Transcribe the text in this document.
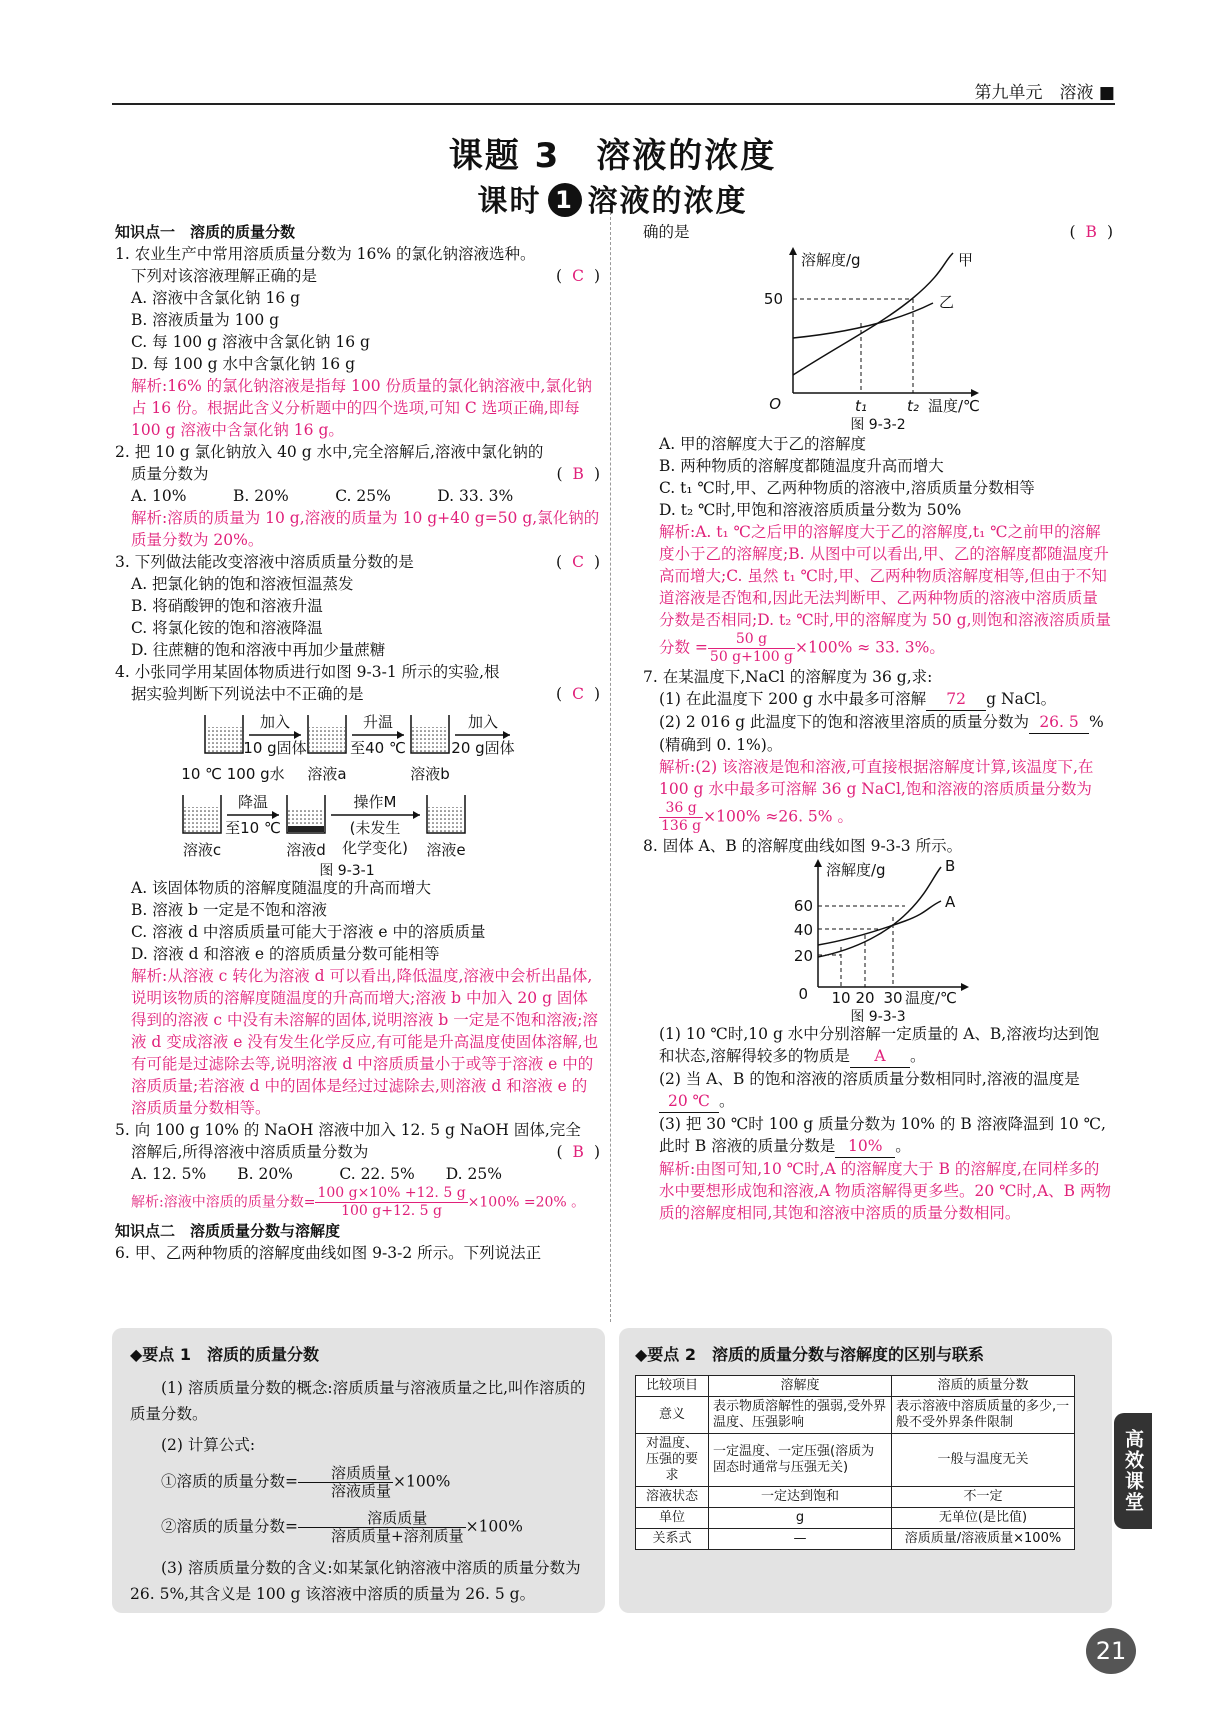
第九单元　溶液 ■
课题 3　溶液的浓度
课时 1 溶液的浓度

知识点一　溶质的质量分数

1. 农业生产中常用溶质质量分数为 16% 的氯化钠溶液选种。

下列对该溶液理解正确的是	( C )

A. 溶液中含氯化钠 16 g

B. 溶液质量为 100 g

C. 每 100 g 溶液中含氯化钠 16 g

D. 每 100 g 水中含氯化钠 16 g

解析:16% 的氯化钠溶液是指每 100 份质量的氯化钠溶液中,氯化钠占 16 份。根据此含义分析题中的四个选项,可知 C 选项正确,即每 100 g 溶液中含氯化钠 16 g。

2. 把 10 g 氯化钠放入 40 g 水中,完全溶解后,溶液中氯化钠的

质量分数为	( B )

A. 10%　　　B. 20%　　　C. 25%　　　D. 33. 3%

解析:溶质的质量为 10 g,溶液的质量为 10 g+40 g=50 g,氯化钠的质量分数为 20%。

3. 下列做法能改变溶液中溶质质量分数的是	( C )

A. 把氯化钠的饱和溶液恒温蒸发

B. 将硝酸钾的饱和溶液升温

C. 将氯化铵的饱和溶液降温

D. 往蔗糖的饱和溶液中再加少量蔗糖

4. 小张同学用某固体物质进行如图 9-3-1 所示的实验,根

据实验判断下列说法中不正确的是	( C )

加入
10 g固体
升温
至40 ℃
加入
20 g固体
10 ℃ 100 g水 溶液a	溶液b
降温
至10 ℃
操作M
(未发生
化学变化)
溶液c	溶液d	溶液e
图 9-3-1

A. 该固体物质的溶解度随温度的升高而增大

B. 溶液 b 一定是不饱和溶液

C. 溶液 d 中溶质质量可能大于溶液 e 中的溶质质量

D. 溶液 d 和溶液 e 的溶质质量分数可能相等

解析:从溶液 c 转化为溶液 d 可以看出,降低温度,溶液中会析出晶体,说明该物质的溶解度随温度的升高而增大;溶液 b 中加入 20 g 固体得到的溶液 c 中没有未溶解的固体,说明溶液 b 一定是不饱和溶液;溶液 d 变成溶液 e 没有发生化学反应,有可能是升高温度使固体溶解,也有可能是过滤除去等,说明溶液 d 中溶质质量小于或等于溶液 e 中的溶质质量;若溶液 d 中的固体是经过过滤除去,则溶液 d 和溶液 e 的溶质质量分数相等。

5. 向 100 g 10% 的 NaOH 溶液中加入 12. 5 g NaOH 固体,完全

溶解后,所得溶液中溶质质量分数为	( B )

A. 12. 5%　　B. 20%　　　C. 22. 5%　　D. 25%

解析:溶液中溶质的质量分数= $\frac{100 g\times 10\% +12. 5 g}{100 g+12. 5 g} \times 100\% =20\%$ 。

知识点二　溶质质量分数与溶解度

6. 甲、乙两种物质的溶解度曲线如图 9-3-2 所示。下列说法正

确的是	( B )

溶解度/g
50
O	t₁	t₂ 温度/℃
甲
乙
图 9-3-2

A. 甲的溶解度大于乙的溶解度

B. 两种物质的溶解度都随温度升高而增大

C. t₁ ℃时,甲、乙两种物质的溶液中,溶质质量分数相等

D. t₂ ℃时,甲饱和溶液溶质质量分数为 50%

解析:A. t₁ ℃之后甲的溶解度大于乙的溶解度,t₁ ℃之前甲的溶解度小于乙的溶解度;B. 从图中可以看出,甲、乙的溶解度都随温度升高而增大;C. 虽然 t₁ ℃时,甲、乙两种物质溶解度相等,但由于不知道溶液是否饱和,因此无法判断甲、乙两种物质的溶液中溶质质量分数是否相同;D. t₂ ℃时,甲的溶解度为 50 g,则饱和溶液溶质质量分数 = $\frac{50 g}{50 g+100 g} \times 100\% \approx 33$. 3%。

7. 在某温度下,NaCl 的溶解度为 36 g,求:

(1) 在此温度下 200 g 水中最多可溶解 72 g NaCl。

(2) 2 016 g 此温度下的饱和溶液里溶质的质量分数为 26. 5 %(精确到 0. 1%)。

解析:(2) 该溶液是饱和溶液,可直接根据溶解度计算,该温度下,在 100 g 水中最多可溶解 36 g NaCl,饱和溶液的溶质质量分数为
$\frac{36 g}{136 g} \times 100\% \approx 26$. 5% 。

8. 固体 A、B 的溶解度曲线如图 9-3-3 所示。

溶解度/g
60
40
20
0 10 20 30 温度/℃
B
A
图 9-3-3

(1) 10 ℃时,10 g 水中分别溶解一定质量的 A、B,溶液均达到饱和状态,溶解得较多的物质是 A 。

(2) 当 A、B 的饱和溶液的溶质质量分数相同时,溶液的温度是20 ℃ 。

(3) 把 30 ℃时 100 g 质量分数为 10% 的 B 溶液降温到 10 ℃,此时 B 溶液的质量分数是 10% 。

解析:由图可知,10 ℃时,A 的溶解度大于 B 的溶解度,在同样多的水中要想形成饱和溶液,A 物质溶解得更多些。20 ℃时,A、B 两物质的溶解度相同,其饱和溶液中溶质的质量分数相同。

◆要点 1　溶质的质量分数

(1) 溶质质量分数的概念:溶质质量与溶液质量之比,叫作溶质的质量分数。

(2) 计算公式:

①溶质的质量分数= $\frac{\text{溶质质量}}{\text{溶液质量}} \times 100\%$

②溶质的质量分数= $\frac{\text{溶质质量}}{\text{溶质质量+溶剂质量}} \times 100\%$

(3) 溶质质量分数的含义:如某氯化钠溶液中溶质的质量分数为 26. 5%,其含义是 100 g 该溶液中溶质的质量为 26. 5 g。

◆要点 2　溶质的质量分数与溶解度的区别与联系
比较项目	溶解度	溶质的质量分数
意义	表示物质溶解性的强弱,受外界温度、压强影响	表示溶液中溶质质量的多少,一般不受外界条件限制
对温度、压强的要求	一定温度、一定压强(溶质为固态时通常与压强无关)	一般与温度无关
溶液状态	一定达到饱和	不一定
单位	g	无单位(是比值)
关系式	—	溶质质量/溶液质量×100%
高效课堂
21
